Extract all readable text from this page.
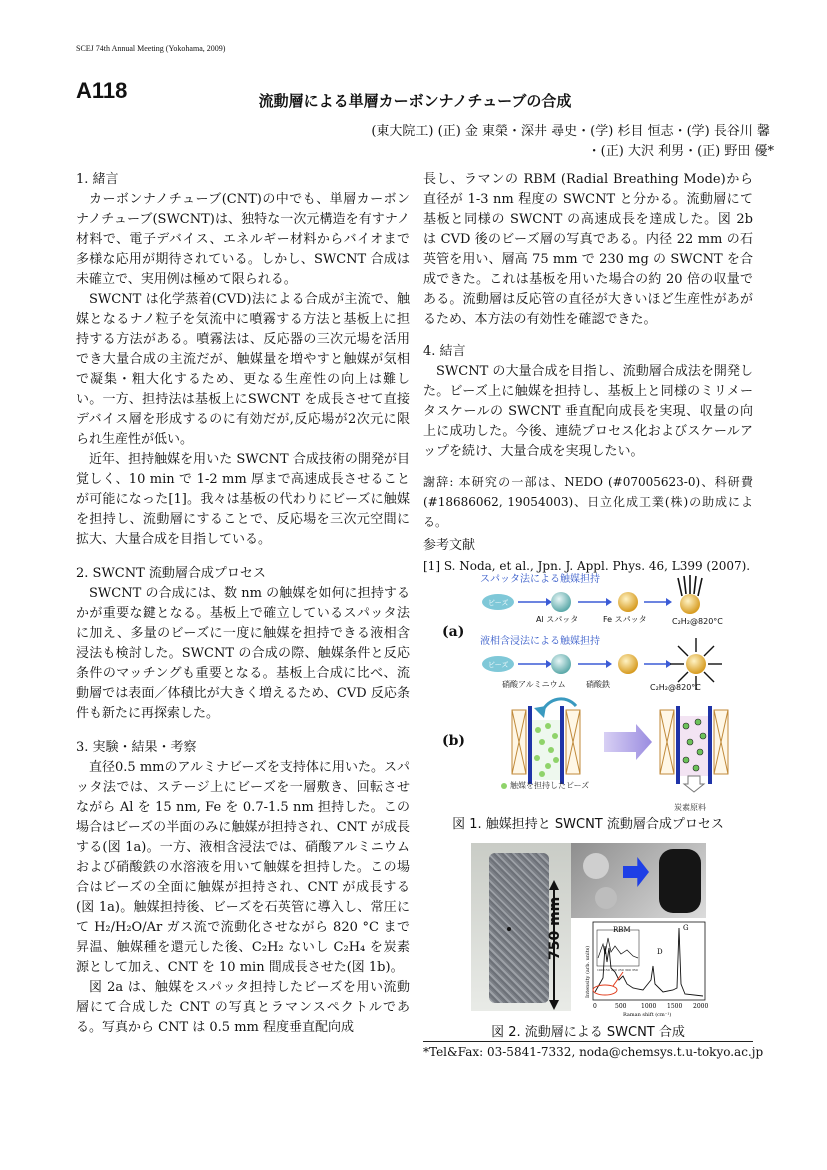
SCEJ 74th Annual Meeting (Yokohama, 2009)
A118	流動層による単層カーボンナノチューブの合成
(東大院工) (正) 金 東榮・深井 尋史・(学) 杉目 恒志・(学) 長谷川 馨
・(正) 大沢 利男・(正) 野田 優*

1. 緒言

カーボンナノチューブ(CNT)の中でも、単層カーボンナノチューブ(SWCNT)は、独特な一次元構造を有すナノ材料で、電子デバイス、エネルギー材料からバイオまで多様な応用が期待されている。しかし、SWCNT 合成は未確立で、実用例は極めて限られる。

SWCNT は化学蒸着(CVD)法による合成が主流で、触媒となるナノ粒子を気流中に噴霧する方法と基板上に担持する方法がある。噴霧法は、反応器の三次元場を活用でき大量合成の主流だが、触媒量を増やすと触媒が気相で凝集・粗大化するため、更なる生産性の向上は難しい。一方、担持法は基板上にSWCNT を成長させて直接デバイス層を形成するのに有効だが,反応場が2次元に限られ生産性が低い。

近年、担持触媒を用いた SWCNT 合成技術の開発が目覚しく、10 min で 1-2 mm 厚まで高速成長させることが可能になった[1]。我々は基板の代わりにビーズに触媒を担持し、流動層にすることで、反応場を三次元空間に拡大、大量合成を目指している。

2. SWCNT 流動層合成プロセス

SWCNT の合成には、数 nm の触媒を如何に担持するかが重要な鍵となる。基板上で確立しているスパッタ法に加え、多量のビーズに一度に触媒を担持できる液相含浸法も検討した。SWCNT の合成の際、触媒条件と反応条件のマッチングも重要となる。基板上合成に比べ、流動層では表面／体積比が大きく増えるため、CVD 反応条件も新たに再探索した。

3. 実験・結果・考察

直径0.5 mmのアルミナビーズを支持体に用いた。スパッタ法では、ステージ上にビーズを一層敷き、回転させながら Al を 15 nm, Fe を 0.7-1.5 nm 担持した。この場合はビーズの半面のみに触媒が担持され、CNT が成長する(図 1a)。一方、液相含浸法では、硝酸アルミニウムおよび硝酸鉄の水溶液を用いて触媒を担持した。この場合はビーズの全面に触媒が担持され、CNT が成長する(図 1a)。触媒担持後、ビーズを石英管に導入し、常圧にて H₂/H₂O/Ar ガス流で流動化させながら 820 °C まで昇温、触媒種を還元した後、C₂H₂ ないし C₂H₄ を炭素源として加え、CNT を 10 min 間成長させた(図 1b)。

図 2a は、触媒をスパッタ担持したビーズを用い流動層にて合成した CNT の写真とラマンスペクトルである。写真から CNT は 0.5 mm 程度垂直配向成

長し、ラマンの RBM (Radial Breathing Mode)から直径が 1-3 nm 程度の SWCNT と分かる。流動層にて基板と同様の SWCNT の高速成長を達成した。図 2b は CVD 後のビーズ層の写真である。内径 22 mm の石英管を用い、層高 75 mm で 230 mg の SWCNT を合成できた。これは基板を用いた場合の約 20 倍の収量である。流動層は反応管の直径が大きいほど生産性があがるため、本方法の有効性を確認できた。

4. 結言

SWCNT の大量合成を目指し、流動層合成法を開発した。ビーズ上に触媒を担持し、基板上と同様のミリメータスケールの SWCNT 垂直配向成長を実現、収量の向上に成功した。今後、連続プロセス化およびスケールアップを続け、大量合成を実現したい。

謝辞: 本研究の一部は、NEDO (#07005623-0)、科研費(#18686062, 19054003)、日立化成工業(株)の助成による。

参考文献

[1] S. Noda, et al., Jpn. J. Appl. Phys. 46, L399 (2007).

スパッタ法による触媒担持
ビーズ
Al スパッタ	Fe スパッタ	C₂H₂@820°C
(a)
液相含浸法による触媒担持
ビーズ
硝酸アルミニウム	硝酸鉄	C₂H₂@820°C
(b)
触媒を担持したビーズ
炭素原料
図 1. 触媒担持と SWCNT 流動層合成プロセス
750 mm	RBM
D
G
Intensity (arb. units)
0	500 1000 1500 2000
Raman shift (cm⁻¹)
100 150 200 250 300 350
図 2. 流動層による SWCNT 合成
*Tel&Fax: 03-5841-7332, noda@chemsys.t.u-tokyo.ac.jp
